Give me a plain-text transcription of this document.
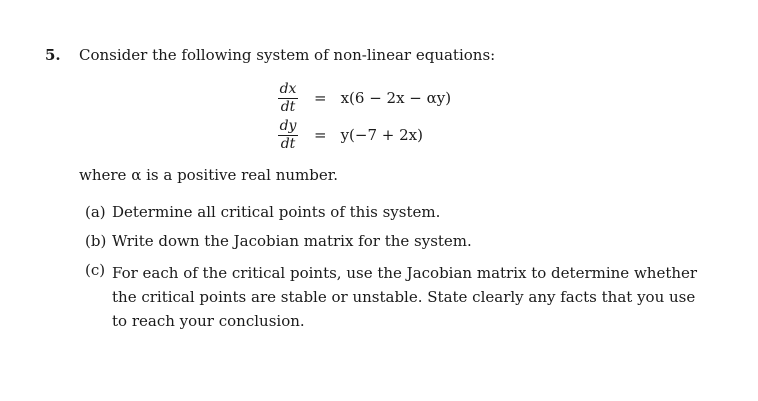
5. Consider the following system of non-linear equations:
$\frac{dx}{dt} = x(6 - 2x - \alpha y)$
$\frac{dy}{dt} = y(-7 + 2x)$
where α is a positive real number.
(a) Determine all critical points of this system.
(b) Write down the Jacobian matrix for the system.
(c) For each of the critical points, use the Jacobian matrix to determine whether
the critical points are stable or unstable. State clearly any facts that you use
to reach your conclusion.
